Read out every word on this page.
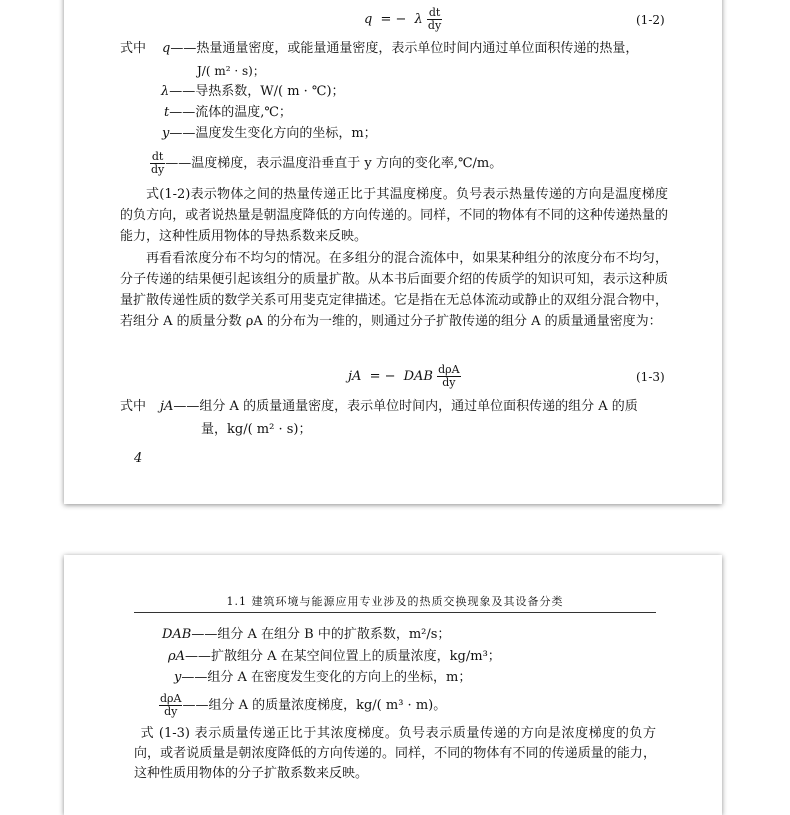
q = − λ $\frac{dt}{dy}$	(1-2)
式中 q——热量通量密度，或能量通量密度，表示单位时间内通过单位面积传递的热量，
J/( m² · s)；
λ——导热系数，W/( m · ℃)；
t——流体的温度,℃；
y——温度发生变化方向的坐标，m；
$\frac{dt}{dy}$ ——温度梯度，表示温度沿垂直于 y 方向的变化率,℃/m。
式(1-2)表示物体之间的热量传递正比于其温度梯度。负号表示热量传递的方向是温度梯度的负方向，或者说热量是朝温度降低的方向传递的。同样，不同的物体有不同的这种传递热量的能力，这种性质用物体的导热系数来反映。
再看看浓度分布不均匀的情况。在多组分的混合流体中，如果某种组分的浓度分布不均匀，分子传递的结果便引起该组分的质量扩散。从本书后面要介绍的传质学的知识可知，表示这种质量扩散传递性质的数学关系可用斐克定律描述。它是指在无总体流动或静止的双组分混合物中，若组分 A 的质量分数 ρA 的分布为一维的，则通过分子扩散传递的组分 A 的质量通量密度为：
jA = − DAB $\frac{\text{dρA}}{dy}$	(1-3)
式中 jA——组分 A 的质量通量密度，表示单位时间内，通过单位面积传递的组分 A 的质
量，kg/( m² · s)；
4
1.1 建筑环境与能源应用专业涉及的热质交换现象及其设备分类
DAB——组分 A 在组分 B 中的扩散系数，m²/s；
ρA——扩散组分 A 在某空间位置上的质量浓度，kg/m³；
y——组分 A 在密度发生变化的方向上的坐标，m；
$\frac{\text{dρA}}{dy}$ ——组分 A 的质量浓度梯度，kg/( m³ · m)。
式 (1-3) 表示质量传递正比于其浓度梯度。负号表示质量传递的方向是浓度梯度的负方向，或者说质量是朝浓度降低的方向传递的。同样，不同的物体有不同的传递质量的能力，这种性质用物体的分子扩散系数来反映。
